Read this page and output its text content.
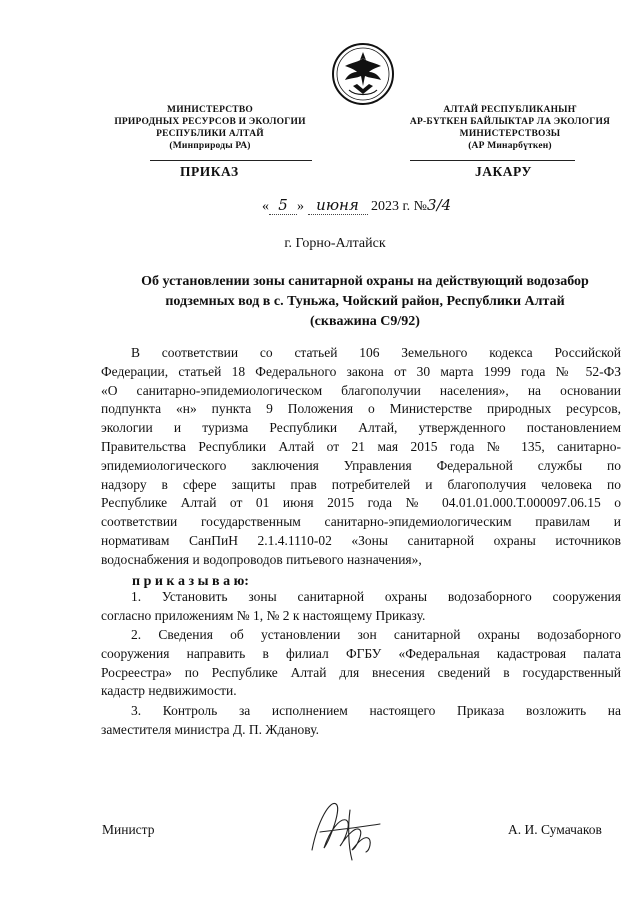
МИНИСТЕРСТВО
ПРИРОДНЫХ РЕСУРСОВ И ЭКОЛОГИИ
РЕСПУБЛИКИ АЛТАЙ
(Минприроды РА)
АЛТАЙ РЕСПУБЛИКАНЫҤ
АР-БҮТКЕН БАЙЛЫКТАР ЛА ЭКОЛОГИЯ
МИНИСТЕРСТВОЗЫ
(АР Минарбүткен)
ПРИКАЗ	JАКАРУ
« 5 » июня 2023 г. №3/4
г. Горно-Алтайск
Об установлении зоны санитарной охраны на действующий водозабор
подземных вод в с. Туньжа, Чойский район, Республики Алтай
(скважина С9/92)
В соответствии со статьей 106 Земельного кодекса Российской
Федерации, статьей 18 Федерального закона от 30 марта 1999 года № 52-ФЗ
«О санитарно-эпидемиологическом благополучии населения», на основании
подпункта «н» пункта 9 Положения о Министерстве природных ресурсов,
экологии и туризма Республики Алтай, утвержденного постановлением
Правительства Республики Алтай от 21 мая 2015 года № 135, санитарно-
эпидемиологического заключения Управления Федеральной службы по
надзору в сфере защиты прав потребителей и благополучия человека по
Республике Алтай от 01 июня 2015 года № 04.01.01.000.Т.000097.06.15 о
соответствии государственным санитарно-эпидемиологическим правилам и
нормативам СанПиН 2.1.4.1110-02 «Зоны санитарной охраны источников
водоснабжения и водопроводов питьевого назначения»,
п р и к а з ы в а ю:
1. Установить зоны санитарной охраны водозаборного сооружения
согласно приложениям № 1, № 2 к настоящему Приказу.
2. Сведения об установлении зон санитарной охраны водозаборного
сооружения направить в филиал ФГБУ «Федеральная кадастровая палата
Росреестра» по Республике Алтай для внесения сведений в государственный
кадастр недвижимости.
3. Контроль за исполнением настоящего Приказа возложить на
заместителя министра Д. П. Жданову.
Министр	А. И. Сумачаков
